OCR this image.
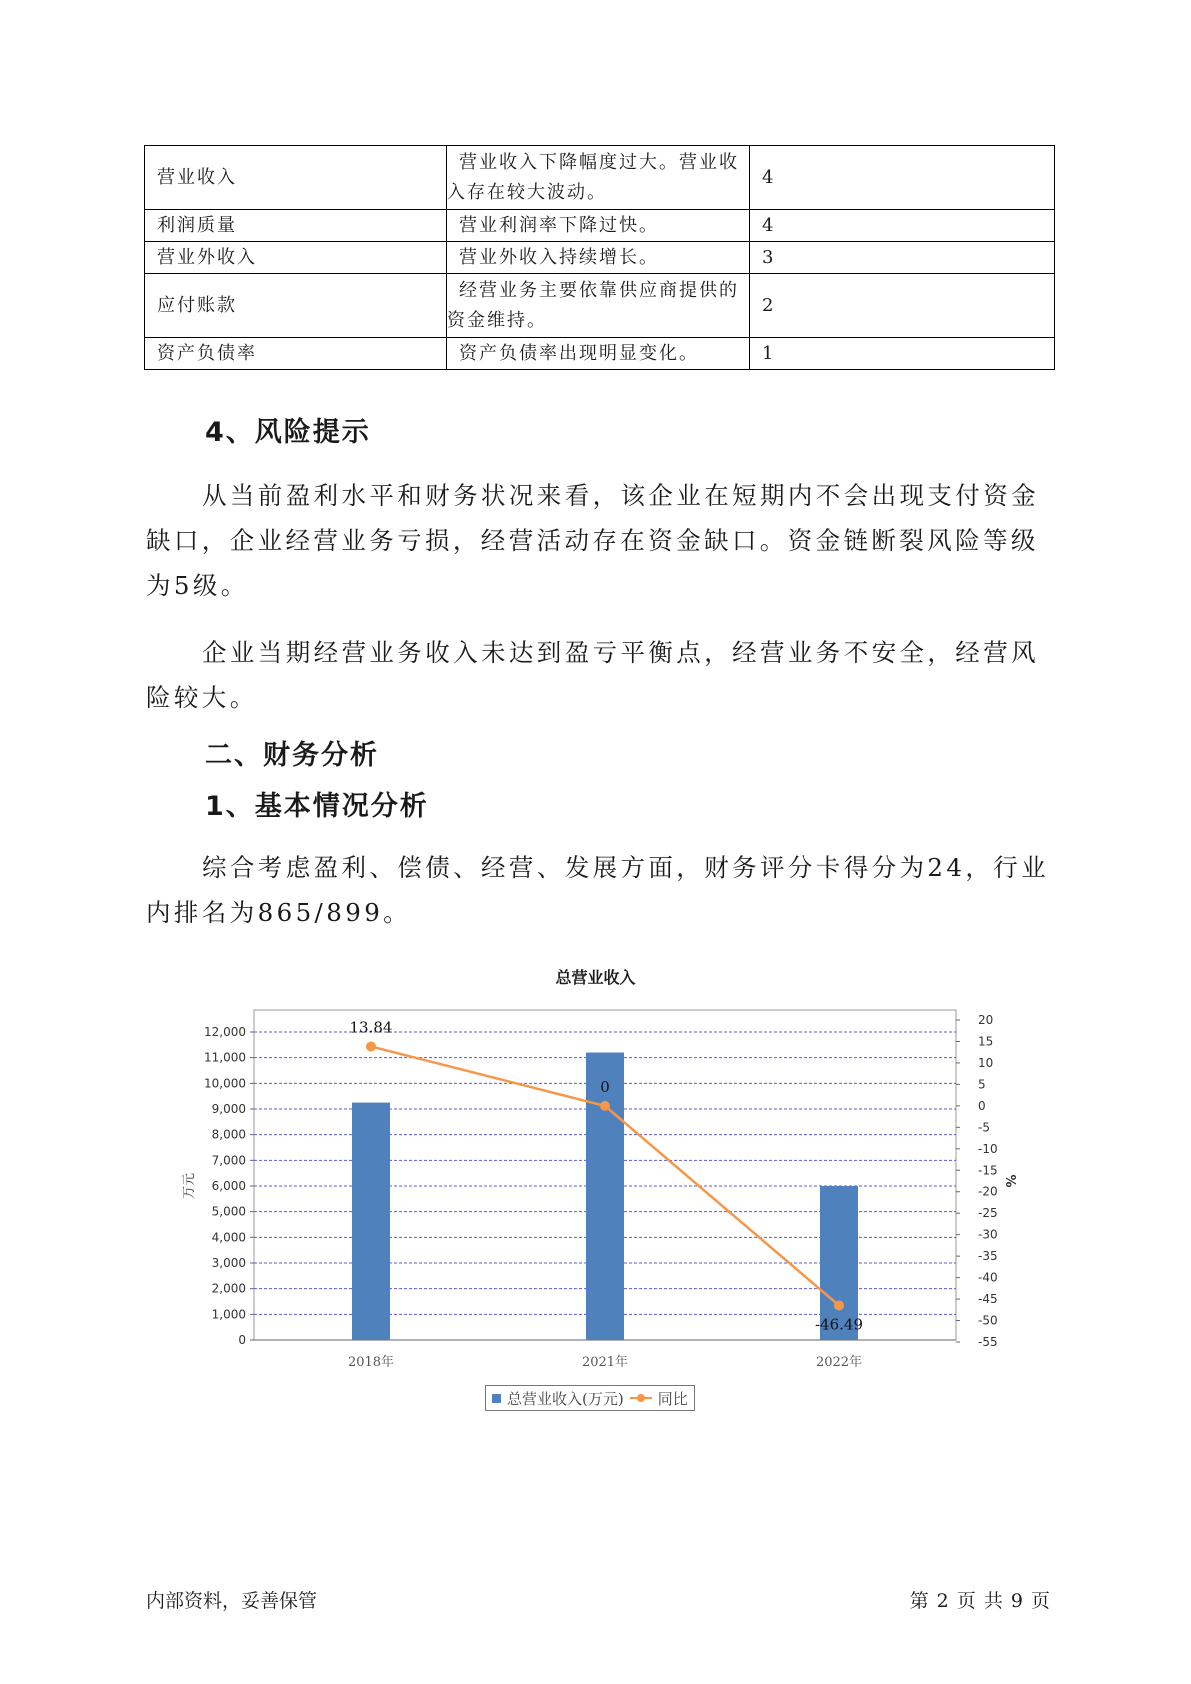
营业收入	营业收入下降幅度过大。营业收入存在较大波动。	4
利润质量	营业利润率下降过快。	4
营业外收入	营业外收入持续增长。	3
应付账款	经营业务主要依靠供应商提供的资金维持。	2
资产负债率	资产负债率出现明显变化。	1
4、风险提示

从当前盈利水平和财务状况来看，该企业在短期内不会出现支付资金缺口，企业经营业务亏损，经营活动存在资金缺口。资金链断裂风险等级为5级。

企业当期经营业务收入未达到盈亏平衡点，经营业务不安全，经营风险较大。

二、财务分析
1、基本情况分析

综合考虑盈利、偿债、经营、发展方面，财务评分卡得分为24，行业内排名为865/899。

总营业收入
0
1,000
2,000
3,000
4,000
5,000
6,000
7,000
8,000
9,000
10,000
11,000
12,000
万元
20
15
10
5
0
-5
-10
-15
-20
-25
-30
-35
-40
-45
-50
-55
%
2018年	2021年	2022年
13.84
0
-46.49
总营业收入(万元) 同比
内部资料，妥善保管	第 2 页 共 9 页
